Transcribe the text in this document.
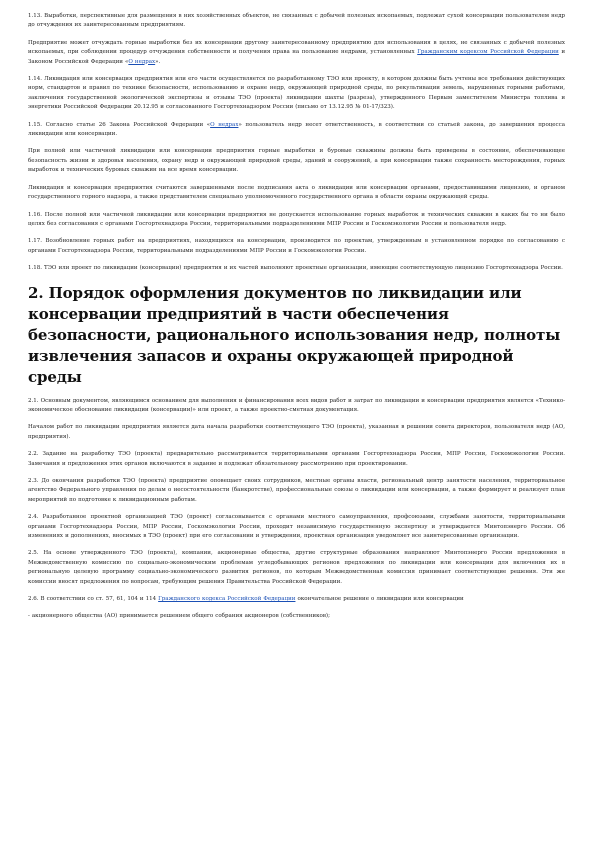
1.13. Выработки, перспективные для размещения в них хозяйственных объектов, не связанных с добычей полезных ископаемых, подлежат сухой консервации пользователем недр до отчуждения их заинтересованным предприятиям.

Предприятие может отчуждать горные выработки без их консервации другому заинтересованному предприятию для использования в целях, не связанных с добычей полезных ископаемых, при соблюдении процедур отчуждения собственности и получения права на пользование недрами, установленных Гражданским кодексом Российской Федерации и Законом Российской Федерации «О недрах».

1.14. Ликвидация или консервация предприятия или его части осуществляется по разработанному ТЭО или проекту, в котором должны быть учтены все требования действующих норм, стандартов и правил по технике безопасности, использованию и охране недр, окружающей природной среды, по рекультивации земель, нарушенных горными работами, заключения государственной экологической экспертизы и отзывы ТЭО (проекта) ликвидации шахты (разреза), утвержденного Первым заместителем Министра топлива и энергетики Российской Федерации 20.12.95 и согласованного Госгортехнадзором России (письмо от 13.12.95 № 01-17/323).

1.15. Согласно статье 26 Закона Российской Федерации «О недрах» пользователь недр несет ответственность, в соответствии со статьей закона, до завершения процесса ликвидации или консервации.

При полной или частичной ликвидации или консервации предприятия горные выработки и буровые скважины должны быть приведены в состояние, обеспечивающее безопасность жизни и здоровья населения, охрану недр и окружающей природной среды, зданий и сооружений, а при консервации также сохранность месторождения, горных выработок и технических буровых скважин на все время консервации.

Ликвидация и консервация предприятия считаются завершенными после подписания акта о ликвидации или консервации органами, предоставившими лицензию, и органом государственного горного надзора, а также представителем специально уполномоченного государственного органа в области охраны окружающей среды.

1.16. После полной или частичной ликвидации или консервации предприятия не допускается использование горных выработок и технических скважин в каких бы то ни было целях без согласования с органами Госгортехнадзора России, территориальными подразделениями МПР России и Госкомэкологии России и пользователя недр.

1.17. Возобновление горных работ на предприятиях, находящихся на консервации, производится по проектам, утвержденным в установленном порядке по согласованию с органами Госгортехнадзора России, территориальными подразделениями МПР России и Госкомэкологии России.

1.18. ТЭО или проект по ликвидации (консервации) предприятия и их частей выполняют проектные организации, имеющие соответствующую лицензию Госгортехнадзора России.

2. Порядок оформления документов по ликвидации или консервации предприятий в части обеспечения безопасности, рационального использования недр, полноты извлечения запасов и охраны окружающей природной среды

2.1. Основным документом, являющимся основанием для выполнения и финансирования всех видов работ и затрат по ликвидации и консервации предприятия является «Технико-экономическое обоснование ликвидации (консервации)» или проект, а также проектно-сметная документация.

Началом работ по ликвидации предприятия является дата начала разработки соответствующего ТЭО (проекта), указанная в решении совета директоров, пользователя недр (АО, предприятия).

2.2. Задание на разработку ТЭО (проекта) предварительно рассматривается территориальными органами Госгортехнадзора России, МПР России, Госкомэкологии России. Замечания и предложения этих органов включаются в задание и подлежат обязательному рассмотрению при проектировании.

2.3. До окончания разработки ТЭО (проекта) предприятие оповещает своих сотрудников, местные органы власти, региональный центр занятости населения, территориальное агентство Федерального управления по делам о несостоятельности (банкротстве), профессиональные союзы о ликвидации или консервации, а также формирует и реализует план мероприятий по подготовке к ликвидационным работам.

2.4. Разработанное проектной организацией ТЭО (проект) согласовывается с органами местного самоуправления, профсоюзами, службами занятости, территориальными органами Госгортехнадзора России, МПР России, Госкомэкологии России, проходит независимую государственную экспертизу и утверждается Минтопэнерго России. Об изменениях и дополнениях, вносимых в ТЭО (проект) при его согласовании и утверждении, проектная организация уведомляет все заинтересованные организации.

2.5. На основе утвержденного ТЭО (проекта), компании, акционерные общества, другие структурные образования направляют Минтопэнерго России предложения в Межведомственную комиссию по социально-экономическим проблемам угледобывающих регионов предложения по ликвидации или консервации для включения их в региональную целевую программу социально-экономического развития регионов, по которым Межведомственная комиссия принимает соответствующие решения. Эти же комиссии вносят предложения по вопросам, требующим решения Правительства Российской Федерации.

2.6. В соответствии со ст. 57, 61, 104 и 114 Гражданского кодекса Российской Федерации окончательное решение о ликвидации или консервации

- акционерного общества (АО) принимается решением общего собрания акционеров (собственников);
